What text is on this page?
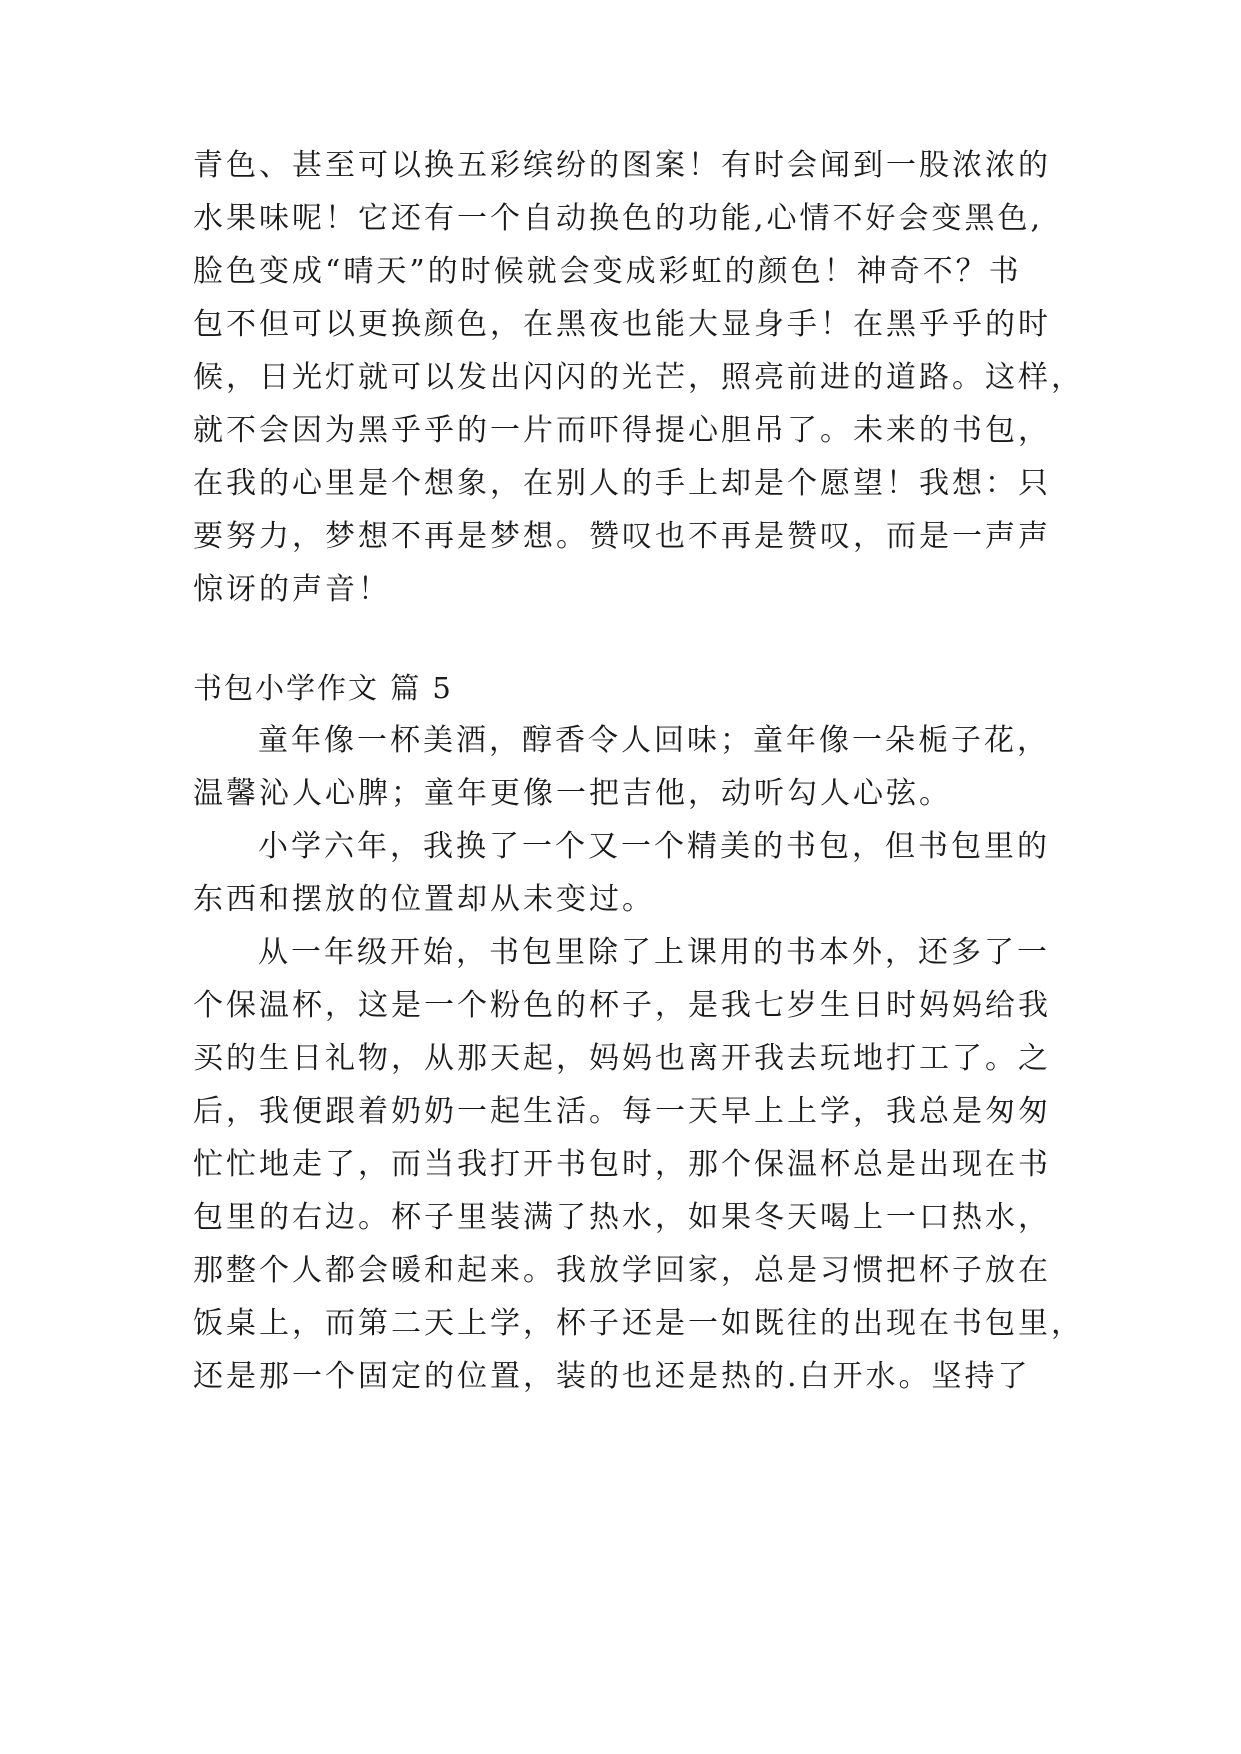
青色、甚至可以换五彩缤纷的图案！有时会闻到一股浓浓的
水果味呢！它还有一个自动换色的功能,心情不好会变黑色,
脸色变成“晴天”的时候就会变成彩虹的颜色！神奇不？书
包不但可以更换颜色，在黑夜也能大显身手！在黑乎乎的时
候，日光灯就可以发出闪闪的光芒，照亮前进的道路。这样，
就不会因为黑乎乎的一片而吓得提心胆吊了。未来的书包，
在我的心里是个想象，在别人的手上却是个愿望！我想：只
要努力，梦想不再是梦想。赞叹也不再是赞叹，而是一声声
惊讶的声音！
书包小学作文 篇 5
童年像一杯美酒，醇香令人回味；童年像一朵栀子花，
温馨沁人心脾；童年更像一把吉他，动听勾人心弦。
小学六年，我换了一个又一个精美的书包，但书包里的
东西和摆放的位置却从未变过。
从一年级开始，书包里除了上课用的书本外，还多了一
个保温杯，这是一个粉色的杯子，是我七岁生日时妈妈给我
买的生日礼物，从那天起，妈妈也离开我去玩地打工了。之
后，我便跟着奶奶一起生活。每一天早上上学，我总是匆匆
忙忙地走了，而当我打开书包时，那个保温杯总是出现在书
包里的右边。杯子里装满了热水，如果冬天喝上一口热水，
那整个人都会暖和起来。我放学回家，总是习惯把杯子放在
饭桌上，而第二天上学，杯子还是一如既往的出现在书包里，
还是那一个固定的位置，装的也还是热的.白开水。坚持了
